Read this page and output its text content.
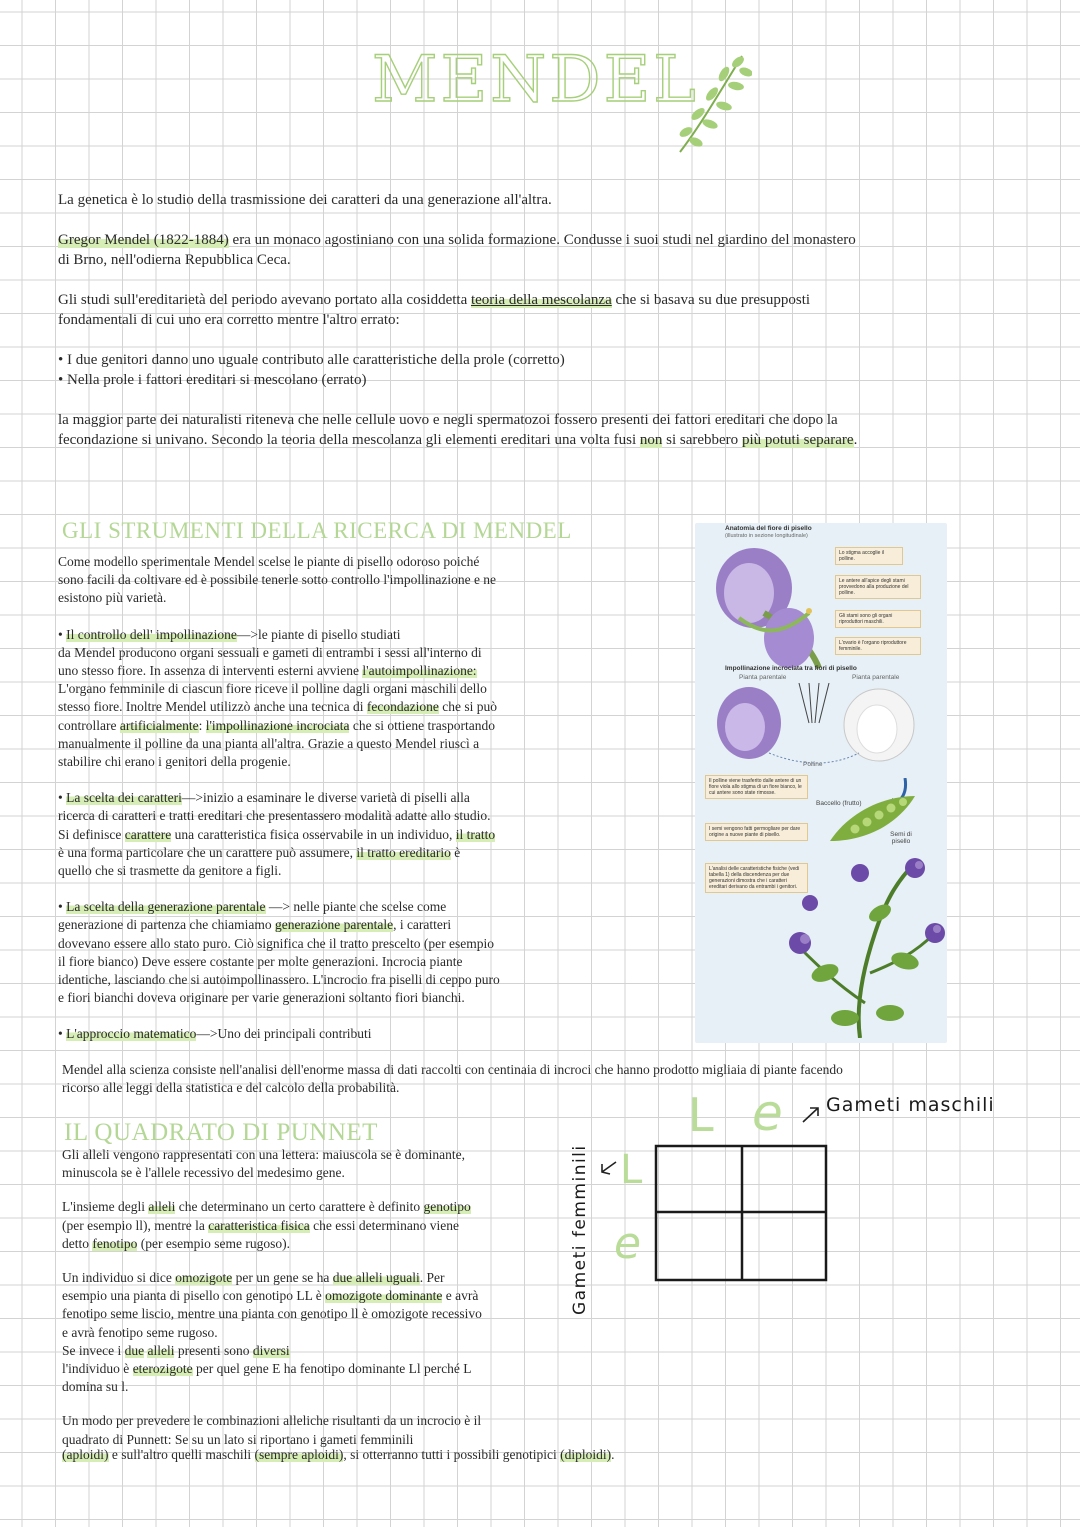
MENDEL

La genetica è lo studio della trasmissione dei caratteri da una generazione all'altra.

Gregor Mendel (1822-1884) era un monaco agostiniano con una solida formazione. Condusse i suoi studi nel giardino del monastero
di Brno, nell'odierna Repubblica Ceca.

Gli studi sull'ereditarietà del periodo avevano portato alla cosiddetta teoria della mescolanza che si basava su due presupposti
fondamentali di cui uno era corretto mentre l'altro errato:

• I due genitori danno uno uguale contributo alle caratteristiche della prole (corretto)
• Nella prole i fattori ereditari si mescolano (errato)

la maggior parte dei naturalisti riteneva che nelle cellule uovo e negli spermatozoi fossero presenti dei fattori ereditari che dopo la
fecondazione si univano. Secondo la teoria della mescolanza gli elementi ereditari una volta fusi non si sarebbero più potuti separare.

GLI STRUMENTI DELLA RICERCA DI MENDEL
Come modello sperimentale Mendel scelse le piante di pisello odoroso poiché
sono facili da coltivare ed è possibile tenerle sotto controllo l'impollinazione e ne
esistono più varietà.
• Il controllo dell' impollinazione—>le piante di pisello studiati
da Mendel producono organi sessuali e gameti di entrambi i sessi all'interno di
uno stesso fiore. In assenza di interventi esterni avviene l'autoimpollinazione:
L'organo femminile di ciascun fiore riceve il polline dagli organi maschili dello
stesso fiore. Inoltre Mendel utilizzò anche una tecnica di fecondazione che si può
controllare artificialmente: l'impollinazione incrociata che si ottiene trasportando
manualmente il polline da una pianta all'altra. Grazie a questo Mendel riuscì a
stabilire chi erano i genitori della progenie.
• La scelta dei caratteri—>inizio a esaminare le diverse varietà di piselli alla
ricerca di caratteri e tratti ereditari che presentassero modalità adatte allo studio.
Si definisce carattere una caratteristica fisica osservabile in un individuo, il tratto
è una forma particolare che un carattere può assumere, il tratto ereditario è
quello che si trasmette da genitore a figli.
• La scelta della generazione parentale —> nelle piante che scelse come
generazione di partenza che chiamiamo generazione parentale, i caratteri
dovevano essere allo stato puro. Ciò significa che il tratto prescelto (per esempio
il fiore bianco) Deve essere costante per molte generazioni. Incrocia piante
identiche, lasciando che si autoimpollinassero. L'incrocio fra piselli di ceppo puro
e fiori bianchi doveva originare per varie generazioni soltanto fiori bianchi.
• L'approccio matematico—>Uno dei principali contributi
Mendel alla scienza consiste nell'analisi dell'enorme massa di dati raccolti con centinaia di incroci che hanno prodotto migliaia di piante facendo
ricorso alle leggi della statistica e del calcolo della probabilità.
Anatomia del fiore di pisello
(illustrato in sezione longitudinale)
Lo stigma accoglie il polline.
Le antere all'apice degli stami provvedono alla produzione del polline.
Gli stami sono gli organi riproduttori maschili.
L'ovario è l'organo riproduttore femminile.
Impollinazione incrociata tra fiori di pisello
Pianta parentale	Pianta parentale
Polline
Il polline viene trasferito dalle antere di un fiore viola allo stigma di un fiore bianco, le cui antere sono state rimosse.
Baccello (frutto)
I semi vengono fatti germogliare per dare origine a nuove piante di pisello.	Semi di pisello
L'analisi delle caratteristiche fisiche (vedi tabella 1) della discendenza per due generazioni dimostra che i caratteri ereditari derivano da entrambi i genitori.
IL QUADRATO DI PUNNET
Gli alleli vengono rappresentati con una lettera: maiuscola se è dominante,
minuscola se è l'allele recessivo del medesimo gene.
L'insieme degli alleli che determinano un certo carattere è definito genotipo
(per esempio ll), mentre la caratteristica fisica che essi determinano viene
detto fenotipo (per esempio seme rugoso).
Un individuo si dice omozigote per un gene se ha due alleli uguali. Per
esempio una pianta di pisello con genotipo LL è omozigote dominante e avrà
fenotipo seme liscio, mentre una pianta con genotipo ll è omozigote recessivo
e avrà fenotipo seme rugoso.
Se invece i due alleli presenti sono diversi
l'individuo è eterozigote per quel gene E ha fenotipo dominante Ll perché L
domina su l.
Un modo per prevedere le combinazioni alleliche risultanti da un incrocio è il
quadrato di Punnett: Se su un lato si riportano i gameti femminili
(aploidi) e sull'altro quelli maschili (sempre aploidi), si otterranno tutti i possibili genotipici (diploidi).
L e Gameti maschili
Gameti femminili L
e
